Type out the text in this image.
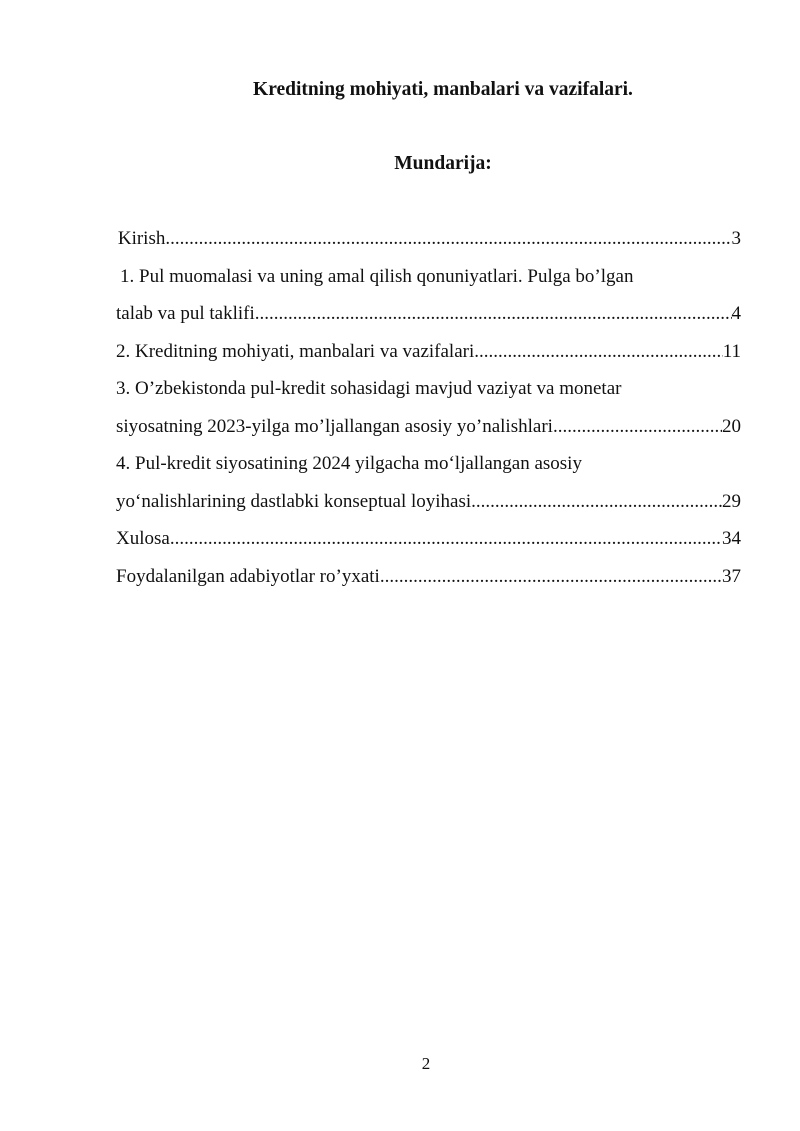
Kreditning mohiyati, manbalari va vazifalari.
Mundarija:
Kirish .....	3
1. Pul muomalasi va uning amal qilish qonuniyatlari. Pulga bo’lgan
talab va pul taklifi .....	4
2. Kreditning mohiyati, manbalari va vazifalari .....	11
3. O’zbekistonda pul-kredit sohasidagi mavjud vaziyat va monetar
siyosatning 2023-yilga mo’ljallangan asosiy yo’nalishlari .....	20
4. Pul-kredit siyosatining 2024 yilgacha mo‘ljallangan asosiy
yo‘nalishlarining dastlabki konseptual loyihasi .....	29
Xulosa .....	34
Foydalanilgan adabiyotlar ro’yxati .....	37
2
